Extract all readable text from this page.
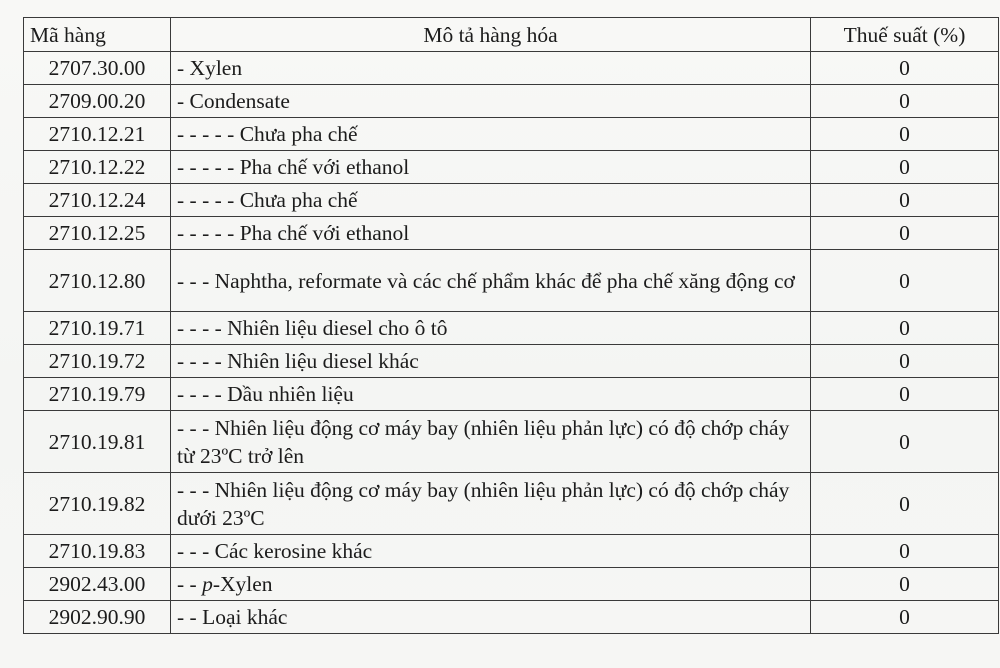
Mã hàng	Mô tả hàng hóa	Thuế suất (%)
2707.30.00	- Xylen	0
2709.00.20	- Condensate	0
2710.12.21	- - - - - Chưa pha chế	0
2710.12.22	- - - - - Pha chế với ethanol	0
2710.12.24	- - - - - Chưa pha chế	0
2710.12.25	- - - - - Pha chế với ethanol	0
2710.12.80	- - - Naphtha, reformate và các chế phẩm khác để pha chế xăng động cơ	0
2710.19.71	- - - - Nhiên liệu diesel cho ô tô	0
2710.19.72	- - - - Nhiên liệu diesel khác	0
2710.19.79	- - - - Dầu nhiên liệu	0
2710.19.81	- - - Nhiên liệu động cơ máy bay (nhiên liệu phản lực) có độ chớp cháy từ 23ºC trở lên	0
2710.19.82	- - - Nhiên liệu động cơ máy bay (nhiên liệu phản lực) có độ chớp cháy dưới 23ºC	0
2710.19.83	- - - Các kerosine khác	0
2902.43.00	- - p-Xylen	0
2902.90.90	- - Loại khác	0
